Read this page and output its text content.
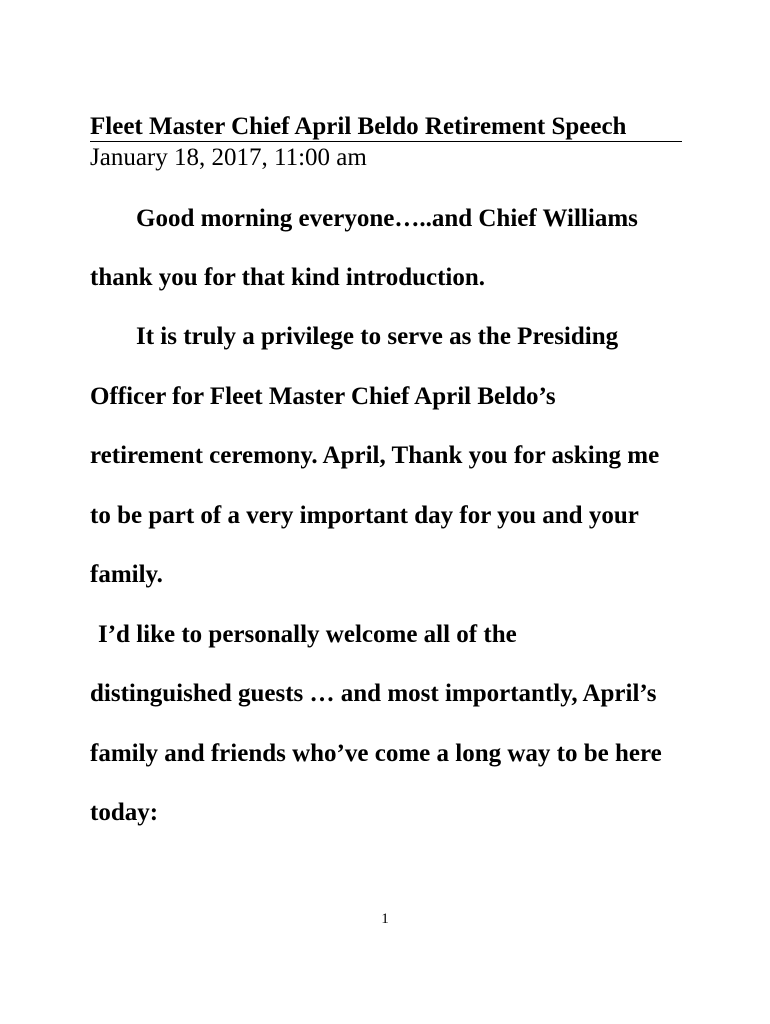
Fleet Master Chief April Beldo Retirement Speech

January 18, 2017, 11:00 am

Good morning everyone…..and Chief Williams

thank you for that kind introduction.

It is truly a privilege to serve as the Presiding

Officer for Fleet Master Chief April Beldo’s

retirement ceremony. April, Thank you for asking me

to be part of a very important day for you and your

family.

I’d like to personally welcome all of the

distinguished guests … and most importantly, April’s

family and friends who’ve come a long way to be here

today:

1
